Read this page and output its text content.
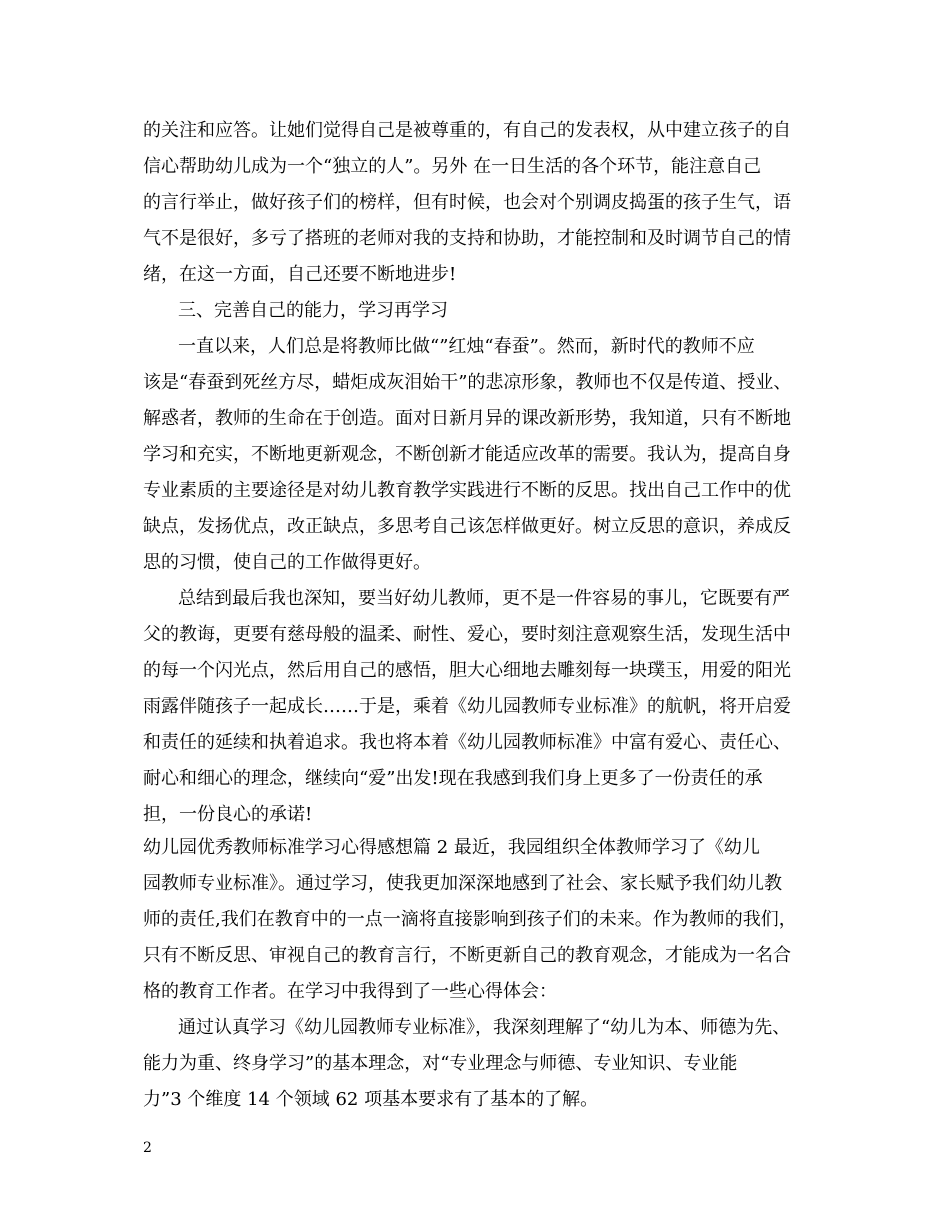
的关注和应答。让她们觉得自己是被尊重的，有自己的发表权，从中建立孩子的自
信心帮助幼儿成为一个“独立的人”。另外 在一日生活的各个环节，能注意自己
的言行举止，做好孩子们的榜样，但有时候，也会对个别调皮捣蛋的孩子生气，语
气不是很好，多亏了搭班的老师对我的支持和协助，才能控制和及时调节自己的情
绪，在这一方面，自己还要不断地进步!
三、完善自己的能力，学习再学习
一直以来，人们总是将教师比做“”红烛“春蚕”。然而，新时代的教师不应
该是“春蚕到死丝方尽，蜡炬成灰泪始干”的悲凉形象，教师也不仅是传道、授业、
解惑者，教师的生命在于创造。面对日新月异的课改新形势，我知道，只有不断地
学习和充实，不断地更新观念，不断创新才能适应改革的需要。我认为，提高自身
专业素质的主要途径是对幼儿教育教学实践进行不断的反思。找出自己工作中的优
缺点，发扬优点，改正缺点，多思考自己该怎样做更好。树立反思的意识，养成反
思的习惯，使自己的工作做得更好。
总结到最后我也深知，要当好幼儿教师，更不是一件容易的事儿，它既要有严
父的教诲，更要有慈母般的温柔、耐性、爱心，要时刻注意观察生活，发现生活中
的每一个闪光点，然后用自己的感悟，胆大心细地去雕刻每一块璞玉，用爱的阳光
雨露伴随孩子一起成长……于是，乘着《幼儿园教师专业标准》的航帆，将开启爱
和责任的延续和执着追求。我也将本着《幼儿园教师标准》中富有爱心、责任心、
耐心和细心的理念，继续向“爱”出发!现在我感到我们身上更多了一份责任的承
担，一份良心的承诺!
幼儿园优秀教师标准学习心得感想篇 2 最近，我园组织全体教师学习了《幼儿
园教师专业标准》。通过学习，使我更加深深地感到了社会、家长赋予我们幼儿教
师的责任,我们在教育中的一点一滴将直接影响到孩子们的未来。作为教师的我们，
只有不断反思、审视自己的教育言行，不断更新自己的教育观念，才能成为一名合
格的教育工作者。在学习中我得到了一些心得体会：
通过认真学习《幼儿园教师专业标准》，我深刻理解了“幼儿为本、师德为先、
能力为重、终身学习”的基本理念，对“专业理念与师德、专业知识、专业能
力”3 个维度 14 个领域 62 项基本要求有了基本的了解。
2
